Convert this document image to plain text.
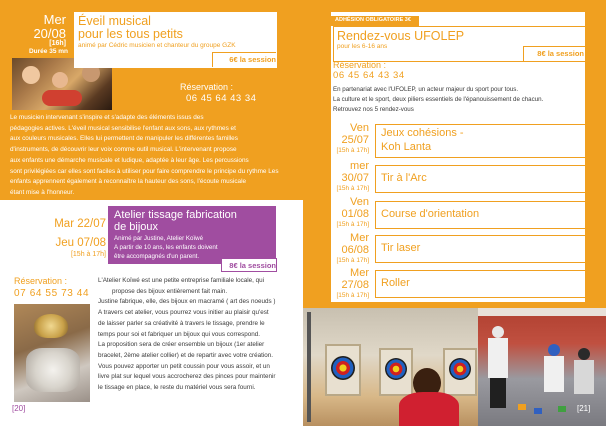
Mer
20/08
[16h]
Durée 35 mn
Éveil musical
pour les tous petits
animé par Cédric musicien et chanteur du groupe GZK
6€ la session
Réservation :
06 45 64 43 34
Le musicien intervenant s'inspire et s'adapte des éléments issus des
pédagogies actives. L'éveil musical sensibilise l'enfant aux sons, aux rythmes et
aux couleurs musicales. Elles lui permettent de manipuler les différentes familles
d'instruments, de découvrir leur voix comme outil musical. L'intervenant propose
aux enfants une démarche musicale et ludique, adaptée à leur âge. Les percussions
sont privilégiées car elles sont faciles à utiliser pour faire comprendre le principe du rythme Les
enfants apprennent également à reconnaître la hauteur des sons, l'écoute musicale
étant mise à l'honneur.
Mar 22/07
Jeu 07/08
[15h à 17h]
Atelier tissage fabrication
de bijoux
Animé par Justine, Atelier Koïwé
A partir de 10 ans, les enfants doivent
être accompagnés d'un parent.
8€ la session
Réservation :
07 64 55 73 44
L'Atelier Koïwé est une petite entreprise familiale locale, qui
propose des bijoux entièrement fait main.
Justine fabrique, elle, des bijoux en macramé ( art des noeuds )
A travers cet atelier, vous pourrez vous initier au plaisir qu'est
de laisser parler sa créativité à travers le tissage, prendre le
temps pour soi et fabriquer un bijoux qui vous correspond.
La proposition sera de créer ensemble un bijoux (1er atelier
bracelet, 2ème atelier collier) et de repartir avec votre création.
Vous pouvez apporter un petit coussin pour vous assoir, et un
livre plat sur lequel vous accrocherez des pinces pour maintenir
le tissage en place, le reste du matériel vous sera fourni.
[20]
ADHÉSION OBLIGATOIRE 3€
Rendez-vous UFOLEP
pour les 6-16 ans
8€ la session
Réservation :
06 45 64 43 34
En partenariat avec l'UFOLEP, un acteur majeur du sport pour tous.
La culture et le sport, deux piliers essentiels de l'épanouissement de chacun.
Retrouvez nos 5 rendez-vous
Ven
25/07
[15h à 17h]
Jeux cohésions -
Koh Lanta
mer
30/07
[15h à 17h]
Tir à l'Arc
Ven
01/08
[15h à 17h]
Course d'orientation
Mer
06/08
[15h à 17h]
Tir laser
Mer
27/08
[15h à 17h]
Roller
[21]
